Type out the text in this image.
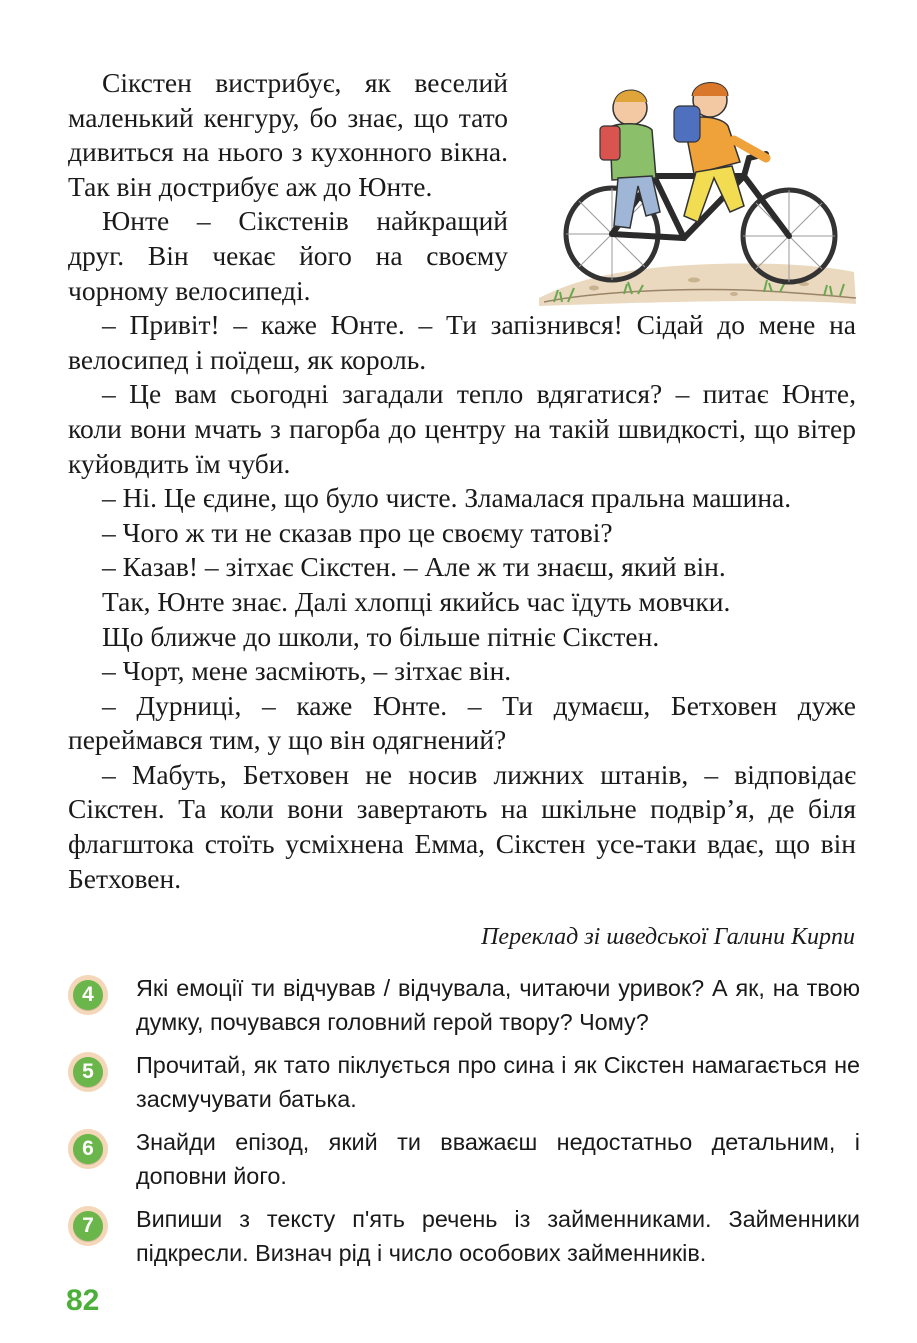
Сікстен вистрибує, як веселий маленький кенгуру, бо знає, що тато дивиться на нього з кухонного вікна. Так він дострибує аж до Юнте.

Юнте – Сікстенів найкращий друг. Він чекає його на своєму чорному велосипеді.

– Привіт! – каже Юнте. – Ти запізнився! Сідай до мене на велосипед і поїдеш, як король.

– Це вам сьогодні загадали тепло вдягатися? – питає Юнте, коли вони мчать з пагорба до центру на такій швидкості, що вітер куйовдить їм чуби.

– Ні. Це єдине, що було чисте. Зламалася пральна машина.

– Чого ж ти не сказав про це своєму татові?

– Казав! – зітхає Сікстен. – Але ж ти знаєш, який він.

Так, Юнте знає. Далі хлопці якийсь час їдуть мовчки.

Що ближче до школи, то більше пітніє Сікстен.

– Чорт, мене засміють, – зітхає він.

– Дурниці, – каже Юнте. – Ти думаєш, Бетховен дуже переймався тим, у що він одягнений?

– Мабуть, Бетховен не носив лижних штанів, – відповідає Сікстен. Та коли вони завертають на шкільне подвір’я, де біля флагштока стоїть усміхнена Емма, Сікстен усе-таки вдає, що він Бетховен.

Переклад зі шведської Галини Кирпи
4	Які емоції ти відчував / відчувала, читаючи уривок? А як, на твою думку, почувався головний герой твору? Чому?
5	Прочитай, як тато піклується про сина і як Сікстен намагається не засмучувати батька.
6	Знайди епізод, який ти вважаєш недостатньо детальним, і доповни його.
7	Випиши з тексту п'ять речень із займенниками. Займенники підкресли. Визнач рід і число особових займенників.
82
